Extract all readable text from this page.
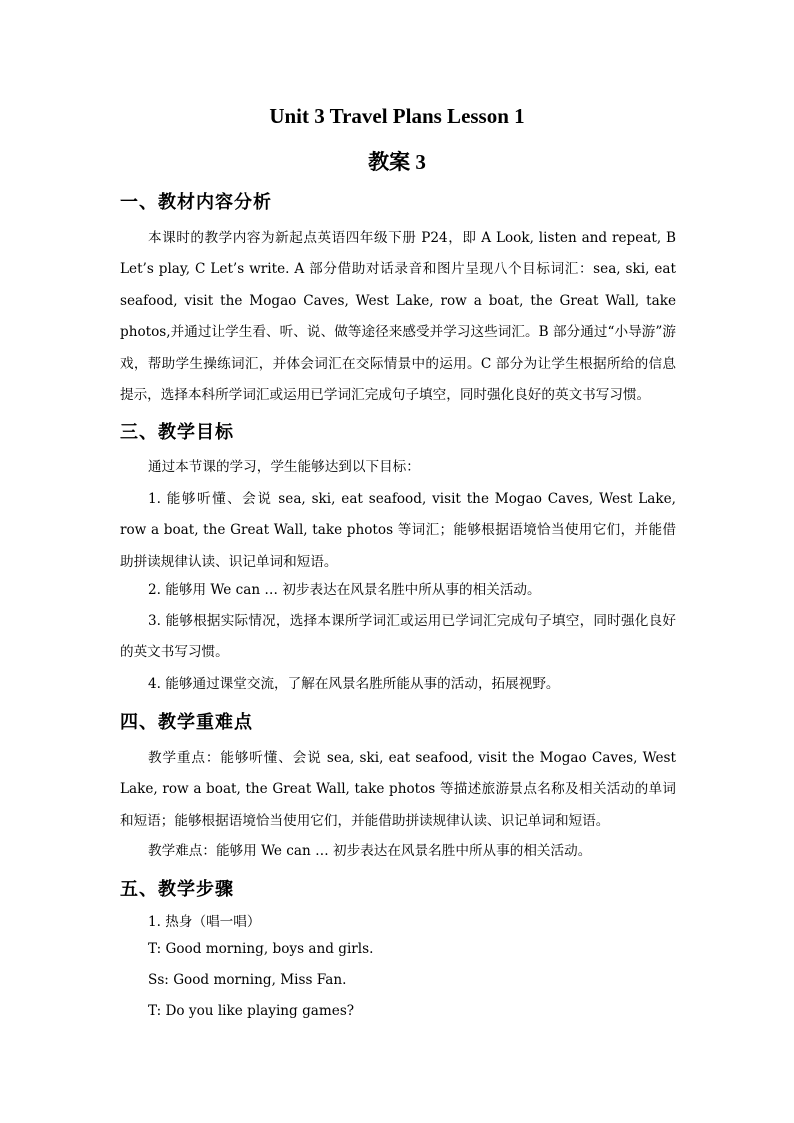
Unit 3 Travel Plans Lesson 1
教案 3
一、教材内容分析
本课时的教学内容为新起点英语四年级下册 P24，即 A Look, listen and repeat, B Let’s play, C Let’s write. A 部分借助对话录音和图片呈现八个目标词汇：sea, ski, eat seafood, visit the Mogao Caves, West Lake, row a boat, the Great Wall, take photos,并通过让学生看、听、说、做等途径来感受并学习这些词汇。B 部分通过“小导游”游戏，帮助学生操练词汇，并体会词汇在交际情景中的运用。C 部分为让学生根据所给的信息提示，选择本科所学词汇或运用已学词汇完成句子填空，同时强化良好的英文书写习惯。
三、教学目标
通过本节课的学习，学生能够达到以下目标：
1. 能够听懂、会说 sea, ski, eat seafood, visit the Mogao Caves, West Lake, row a boat, the Great Wall, take photos 等词汇；能够根据语境恰当使用它们，并能借助拼读规律认读、识记单词和短语。
2. 能够用 We can … 初步表达在风景名胜中所从事的相关活动。
3. 能够根据实际情况，选择本课所学词汇或运用已学词汇完成句子填空，同时强化良好的英文书写习惯。
4. 能够通过课堂交流，了解在风景名胜所能从事的活动，拓展视野。
四、教学重难点
教学重点：能够听懂、会说 sea, ski, eat seafood, visit the Mogao Caves, West Lake, row a boat, the Great Wall, take photos 等描述旅游景点名称及相关活动的单词和短语；能够根据语境恰当使用它们，并能借助拼读规律认读、识记单词和短语。
教学难点：能够用 We can … 初步表达在风景名胜中所从事的相关活动。
五、教学步骤
1. 热身（唱一唱）
T: Good morning, boys and girls.
Ss: Good morning, Miss Fan.
T: Do you like playing games?
